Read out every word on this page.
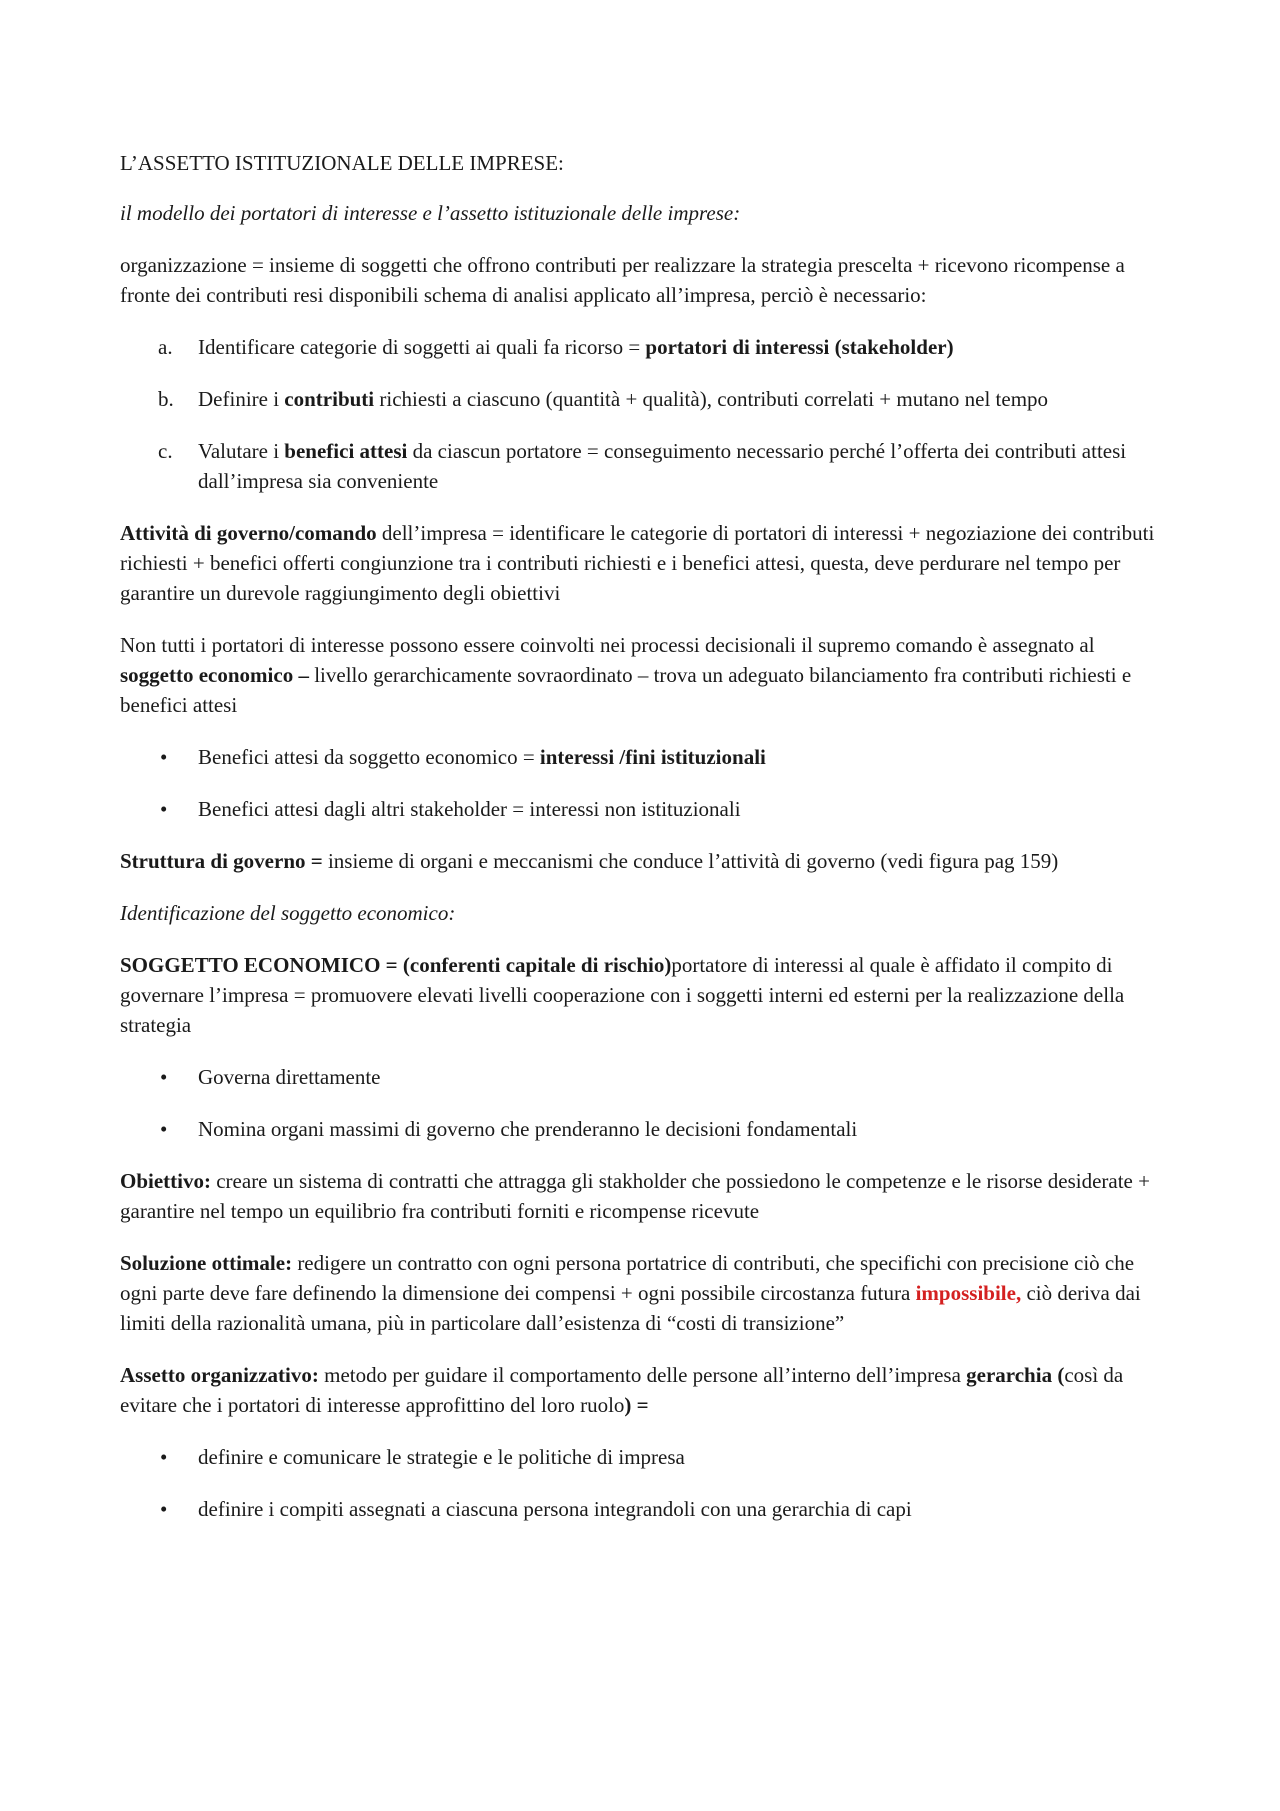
L’ASSETTO ISTITUZIONALE DELLE IMPRESE:

il modello dei portatori di interesse e l’assetto istituzionale delle imprese:

organizzazione = insieme di soggetti che offrono contributi per realizzare la strategia prescelta + ricevono ricompense a fronte dei contributi resi disponibili schema di analisi applicato all’impresa, perciò è necessario:

a. Identificare categorie di soggetti ai quali fa ricorso = portatori di interessi (stakeholder)
b. Definire i contributi richiesti a ciascuno (quantità + qualità), contributi correlati + mutano nel tempo
c. Valutare i benefici attesi da ciascun portatore = conseguimento necessario perché l’offerta dei contributi attesi dall’impresa sia conveniente

Attività di governo/comando dell’impresa = identificare le categorie di portatori di interessi + negoziazione dei contributi richiesti + benefici offerti congiunzione tra i contributi richiesti e i benefici attesi, questa, deve perdurare nel tempo per garantire un durevole raggiungimento degli obiettivi

Non tutti i portatori di interesse possono essere coinvolti nei processi decisionali il supremo comando è assegnato al soggetto economico – livello gerarchicamente sovraordinato – trova un adeguato bilanciamento fra contributi richiesti e benefici attesi

• Benefici attesi da soggetto economico = interessi /fini istituzionali
• Benefici attesi dagli altri stakeholder = interessi non istituzionali

Struttura di governo = insieme di organi e meccanismi che conduce l’attività di governo (vedi figura pag 159)

Identificazione del soggetto economico:

SOGGETTO ECONOMICO = (conferenti capitale di rischio)portatore di interessi al quale è affidato il compito di governare l’impresa = promuovere elevati livelli cooperazione con i soggetti interni ed esterni per la realizzazione della strategia

• Governa direttamente
• Nomina organi massimi di governo che prenderanno le decisioni fondamentali

Obiettivo: creare un sistema di contratti che attragga gli stakholder che possiedono le competenze e le risorse desiderate + garantire nel tempo un equilibrio fra contributi forniti e ricompense ricevute

Soluzione ottimale: redigere un contratto con ogni persona portatrice di contributi, che specifichi con precisione ciò che ogni parte deve fare definendo la dimensione dei compensi + ogni possibile circostanza futura impossibile, ciò deriva dai limiti della razionalità umana, più in particolare dall’esistenza di “costi di transizione”

Assetto organizzativo: metodo per guidare il comportamento delle persone all’interno dell’impresa gerarchia (così da evitare che i portatori di interesse approfittino del loro ruolo) =

• definire e comunicare le strategie e le politiche di impresa
• definire i compiti assegnati a ciascuna persona integrandoli con una gerarchia di capi
